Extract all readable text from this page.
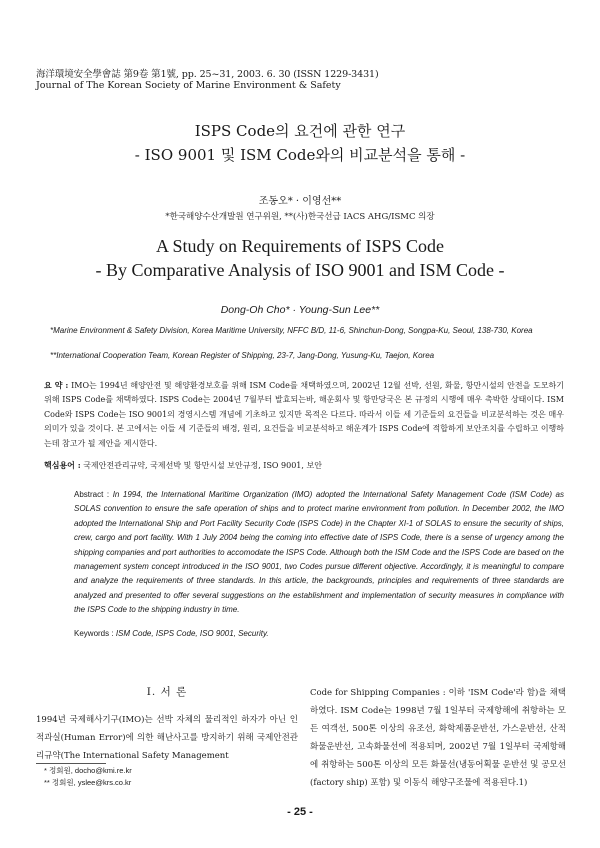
海洋環境安全學會誌 第9卷 第1號, pp. 25~31, 2003. 6. 30 (ISSN 1229-3431)
Journal of The Korean Society of Marine Environment & Safety
ISPS Code의 요건에 관한 연구
- ISO 9001 및 ISM Code와의 비교분석을 통해 -
조동오* · 이영선**
*한국해양수산개발원 연구위원, **(사)한국선급 IACS AHG/ISMC 의장
A Study on Requirements of ISPS Code
- By Comparative Analysis of ISO 9001 and ISM Code -
Dong-Oh Cho* · Young-Sun Lee**
*Marine Environment & Safety Division, Korea Maritime University, NFFC B/D, 11-6, Shinchun-Dong, Songpa-Ku, Seoul, 138-730, Korea
**International Cooperation Team, Korean Register of Shipping, 23-7, Jang-Dong, Yusung-Ku, Taejon, Korea
요 약 : IMO는 1994년 해양안전 및 해양환경보호를 위해 ISM Code를 채택하였으며, 2002년 12월 선박, 선원, 화물, 항만시설의 안전을 도모하기 위해 ISPS Code를 채택하였다. ISPS Code는 2004년 7월부터 발효되는바, 해운회사 및 항만당국은 본 규정의 시행에 매우 촉박한 상태이다. ISM Code와 ISPS Code는 ISO 9001의 경영시스템 개념에 기초하고 있지만 목적은 다르다. 따라서 이들 세 기준들의 요건들을 비교분석하는 것은 매우 의미가 있을 것이다. 본 고에서는 이들 세 기준들의 배경, 원리, 요건들을 비교분석하고 해운계가 ISPS Code에 적합하게 보안조치를 수립하고 이행하는데 참고가 될 제안을 제시한다.
핵심용어 : 국제안전관리규약, 국제선박 및 항만시설 보안규정, ISO 9001, 보안
Abstract : In 1994, the International Maritime Organization (IMO) adopted the International Safety Management Code (ISM Code) as SOLAS convention to ensure the safe operation of ships and to protect marine environment from pollution. In December 2002, the IMO adopted the International Ship and Port Facility Security Code (ISPS Code) in the Chapter XI-1 of SOLAS to ensure the security of ships, crew, cargo and port facility. With 1 July 2004 being the coming into effective date of ISPS Code, there is a sense of urgency among the shipping companies and port authorities to accomodate the ISPS Code. Although both the ISM Code and the ISPS Code are based on the management system concept introduced in the ISO 9001, two Codes pursue different objective. Accordingly, it is meaningful to compare and analyze the requirements of three standards. In this article, the backgrounds, principles and requirements of three standards are analyzed and presented to offer several suggestions on the establishment and implementation of security measures in compliance with the ISPS Code to the shipping industry in time.
Keywords : ISM Code, ISPS Code, ISO 9001, Security.
Ⅰ. 서 론
1994년 국제해사기구(IMO)는 선박 자체의 물리적인 하자가 아닌 인적과실(Human Error)에 의한 해난사고를 방지하기 위해 국제안전관리규약(The International Safety Management
* 정회원, docho@kmi.re.kr
** 정회원, yslee@krs.co.kr
Code for Shipping Companies : 이하 'ISM Code'라 함)을 채택하였다. ISM Code는 1998년 7월 1일부터 국제항해에 취항하는 모든 여객선, 500톤 이상의 유조선, 화학제품운반선, 가스운반선, 산적화물운반선, 고속화물선에 적용되며, 2002년 7월 1일부터 국제항해에 취항하는 500톤 이상의 모든 화물선(냉동어획물 운반선 및 공모선(factory ship) 포함) 및 이동식 해양구조물에 적용된다.1)
- 25 -
